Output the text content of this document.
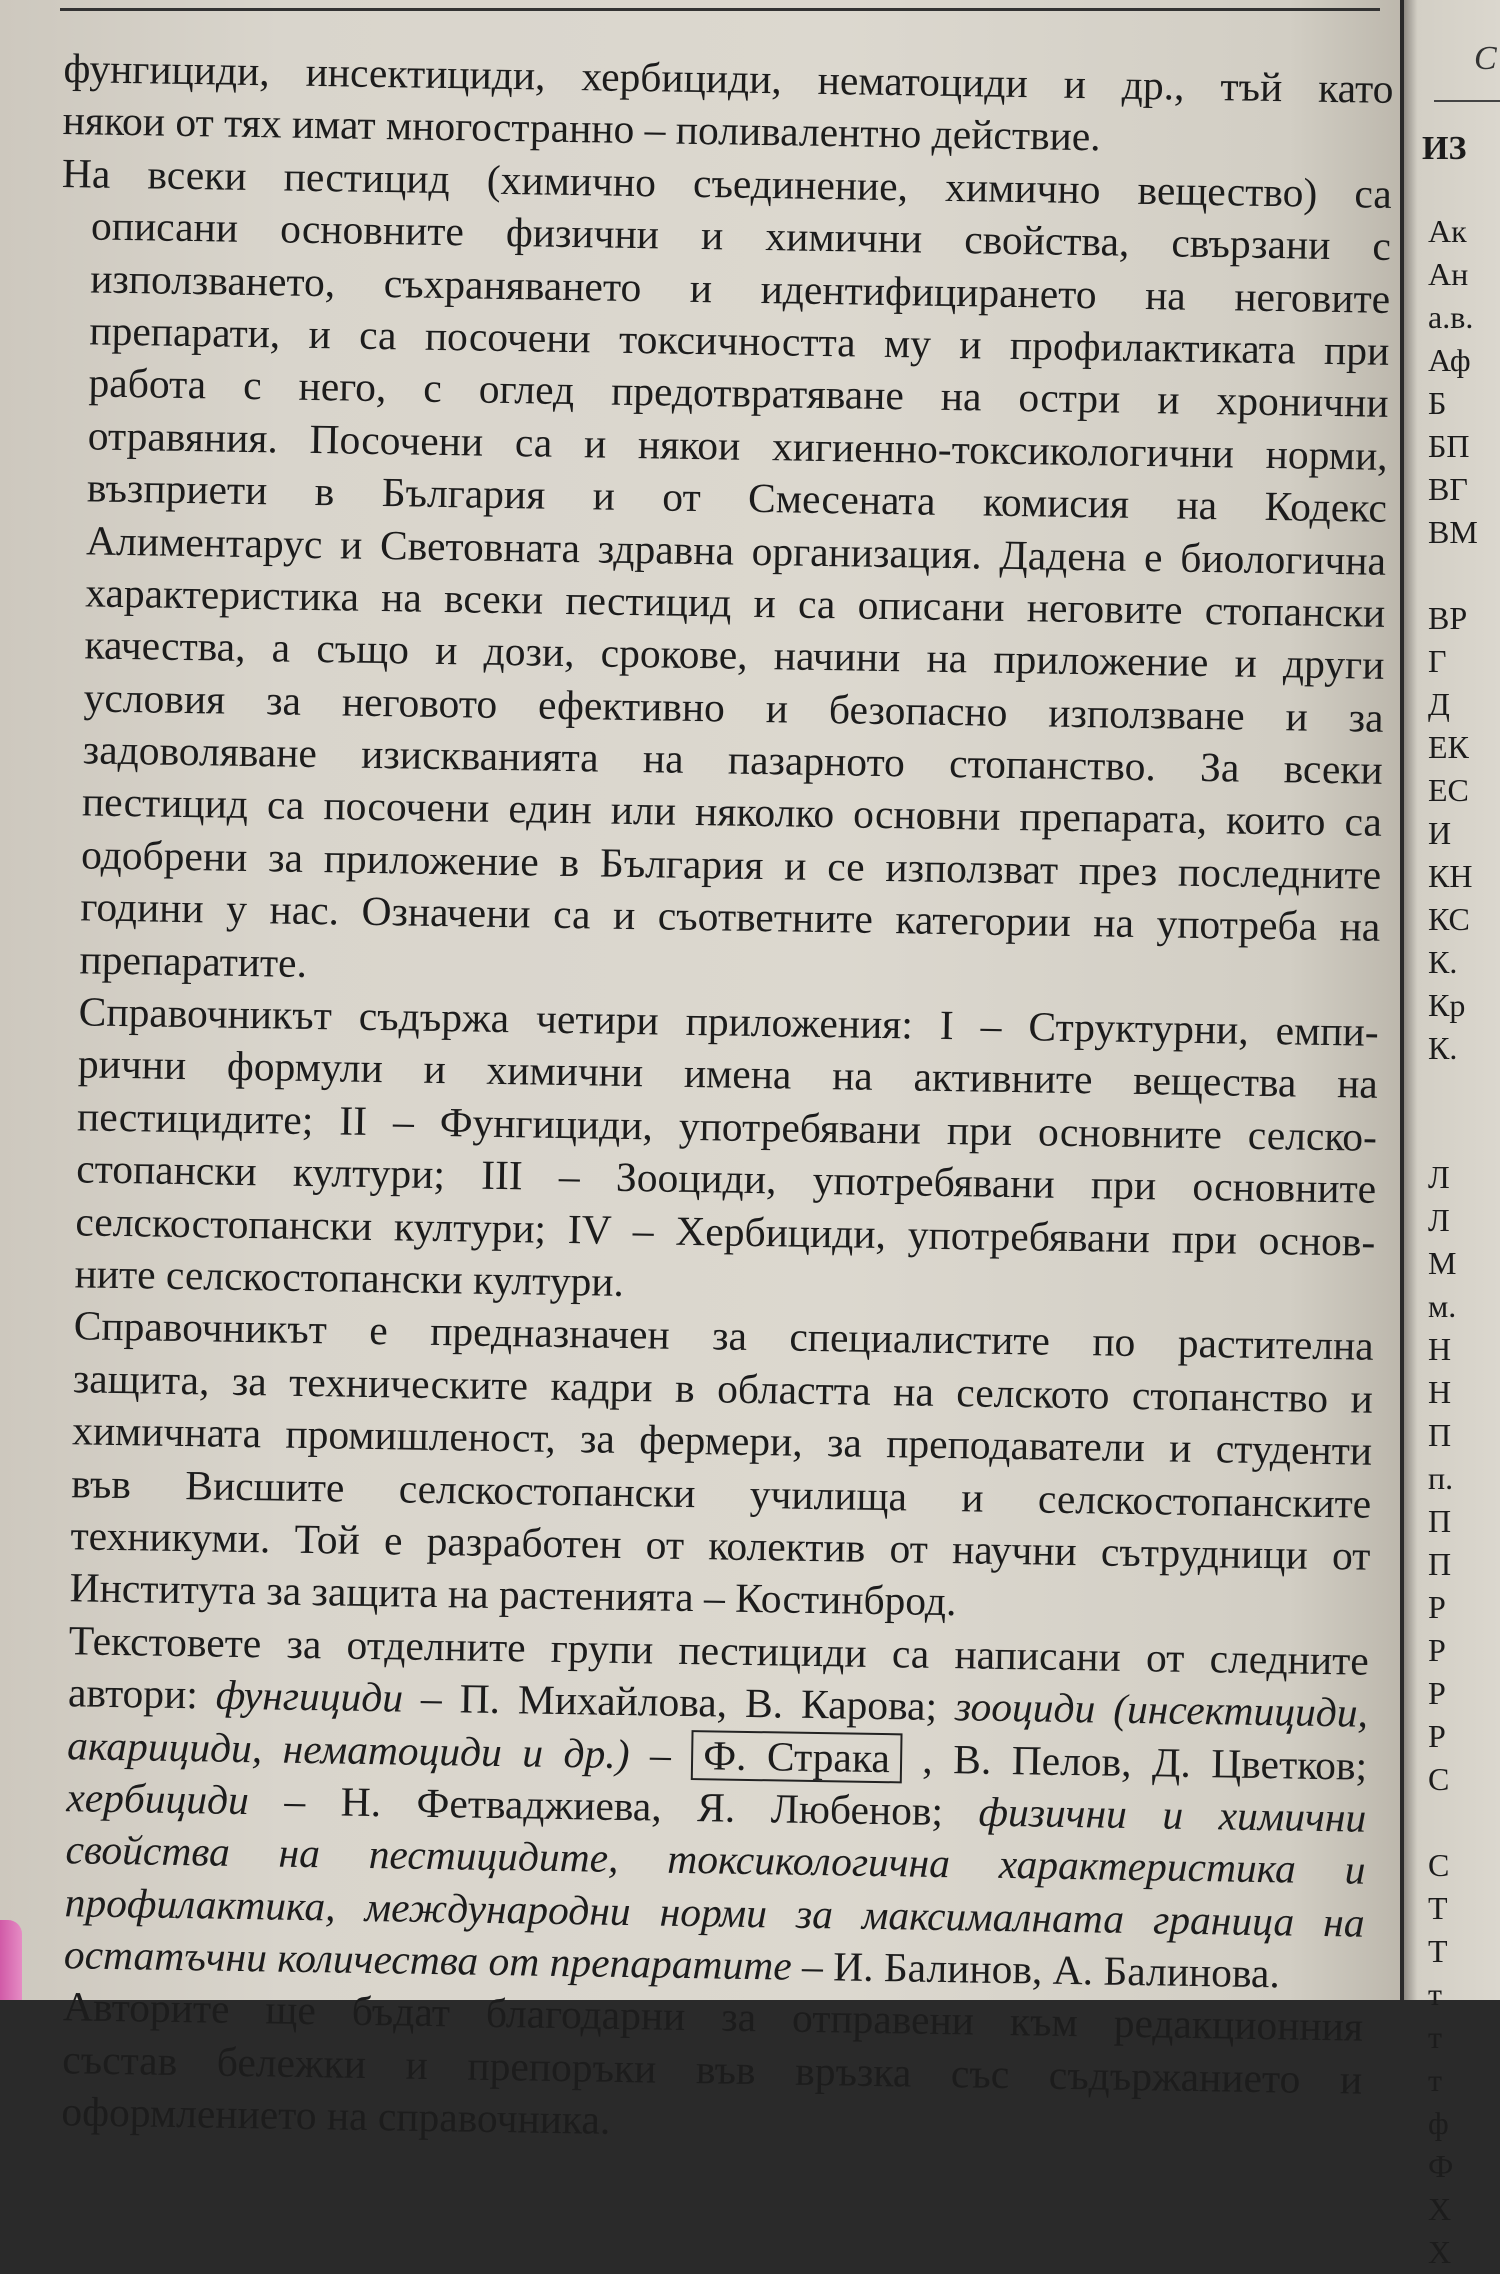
фунгициди, инсектициди, хербициди, нематоциди и др., тъй като
някои от тях имат многостранно – поливалентно действие.
На всеки пестицид (химично съединение, химично вещество) са
описани основните физични и химични свойства, свързани с
използването, съхраняването и идентифицирането на неговите
препарати, и са посочени токсичността му и профилактиката при
работа с него, с оглед предотвратяване на остри и хронични
отравяния. Посочени са и някои хигиенно-токсикологични норми,
възприети в България и от Смесената комисия на Кодекс
Алиментарус и Световната здравна организация. Дадена е биологична
характеристика на всеки пестицид и са описани неговите стопански
качества, а също и дози, срокове, начини на приложение и други
условия за неговото ефективно и безопасно използване и за
задоволяване изискванията на пазарното стопанство. За всеки
пестицид са посочени един или няколко основни препарата, които са
одобрени за приложение в България и се използват през последните
години у нас. Означени са и съответните категории на употреба на
препаратите.
Справочникът съдържа четири приложения: I – Структурни, емпи-
рични формули и химични имена на активните вещества на
пестицидите; II – Фунгициди, употребявани при основните селско-
стопански култури; III – Зооциди, употребявани при основните
селскостопански култури; IV – Хербициди, употребявани при основ-
ните селскостопански култури.
Справочникът е предназначен за специалистите по растителна
защита, за техническите кадри в областта на селското стопанство и
химичната промишленост, за фермери, за преподаватели и студенти
във Висшите селскостопански училища и селскостопанските
техникуми. Той е разработен от колектив от научни сътрудници от
Института за защита на растенията – Костинброд.
Текстовете за отделните групи пестициди са написани от следните
автори: фунгициди – П. Михайлова, В. Карова; зооциди (инсектициди,
акарициди, нематоциди и др.) – Ф. Страка , В. Пелов, Д. Цветков;
хербициди – Н. Фетваджиева, Я. Любенов; физични и химични
свойства на пестицидите, токсикологична характеристика и
профилактика, международни норми за максималната граница на
остатъчни количества от препаратите – И. Балинов, А. Балинова.
Авторите ще бъдат благодарни за отправени към редакционния
състав бележки и препоръки във връзка със съдържанието и
оформлението на справочника.
С
ИЗ
Ак
Ан
а.в.
Аф
Б
БП
ВГ
ВМ
ВР
Г
Д
ЕК
ЕС
И
КН
КС
К.
Кр
К.
Л
Л
М
м.
Н
Н
П
п.
П
П
Р
Р
Р
Р
С
С
Т
Т
т
т
т
ф
Ф
Х
Х
